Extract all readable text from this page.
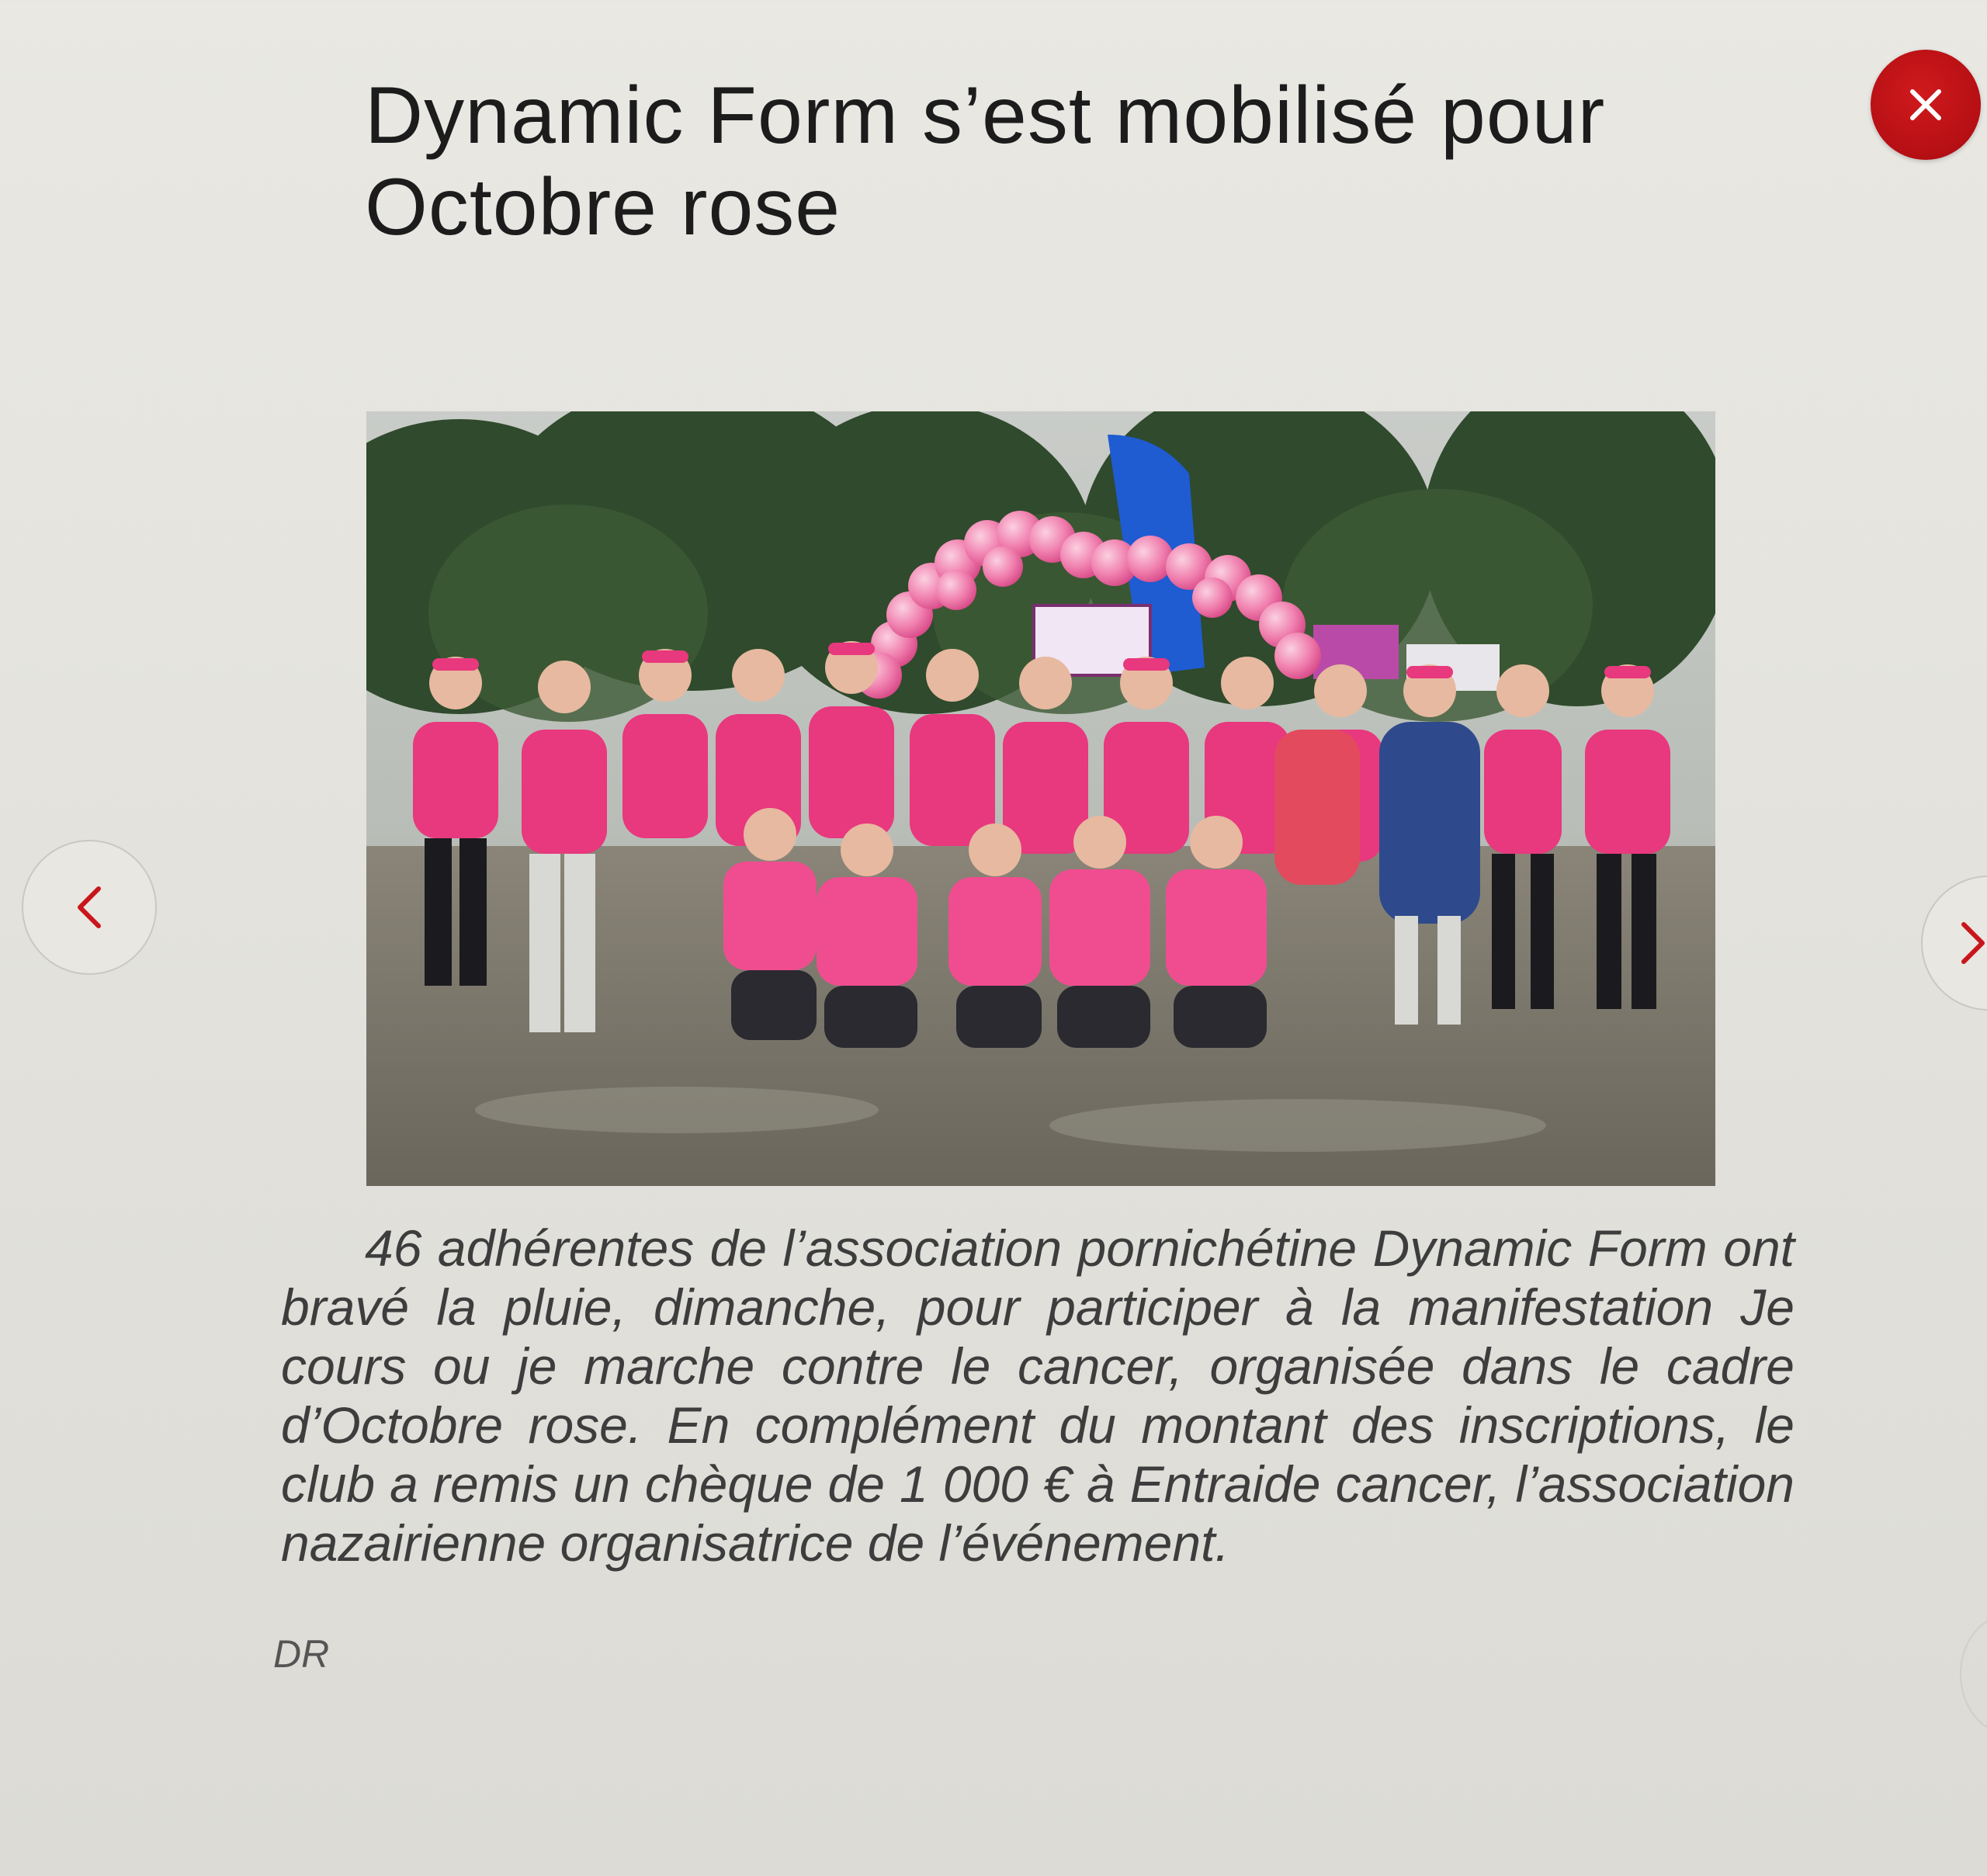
Dynamic Form s’est mobilisé pour Octobre rose

46 adhérentes de l’association pornichétine Dynamic Form ont bravé la pluie, dimanche, pour participer à la manifestation Je cours ou je marche contre le cancer, organisée dans le cadre d’Octobre rose. En complément du montant des inscriptions, le club a remis un chèque de 1 000 € à Entraide cancer, l’association nazairienne organisatrice de l’événement.

DR
